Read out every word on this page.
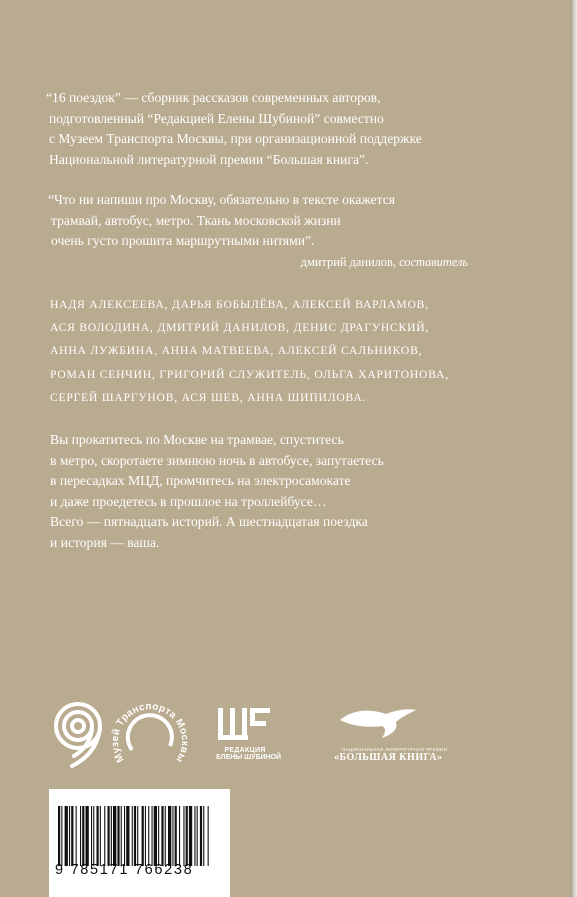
“16 поездок” — сборник рассказов современных авторов,
подготовленный “Редакцией Елены Шубиной” совместно
с Музеем Транспорта Москвы, при организационной поддержке
Национальной литературной премии “Большая книга”.
“Что ни напиши про Москву, обязательно в тексте окажется
трамвай, автобус, метро. Ткань московской жизни
очень густо прошита маршрутными нитями”.
дмитрий данилов, составитель
НАДЯ АЛЕКСЕЕВА, ДАРЬЯ БОБЫЛЁВА, АЛЕКСЕЙ ВАРЛАМОВ,
АСЯ ВОЛОДИНА, ДМИТРИЙ ДАНИЛОВ, ДЕНИС ДРАГУНСКИЙ,
АННА ЛУЖБИНА, АННА МАТВЕЕВА, АЛЕКСЕЙ САЛЬНИКОВ,
РОМАН СЕНЧИН, ГРИГОРИЙ СЛУЖИТЕЛЬ, ОЛЬГА ХАРИТОНОВА,
СЕРГЕЙ ШАРГУНОВ, АСЯ ШЕВ, АННА ШИПИЛОВА.
Вы прокатитесь по Москве на трамвае, спуститесь
в метро, скоротаете зимнюю ночь в автобусе, запутаетесь
в пересадках МЦД, промчитесь на электросамокате
и даже проедетесь в прошлое на троллейбусе…
Всего — пятнадцать историй. А шестнадцатая поездка
и история — ваша.
Музей Транспорта Москвы
РЕДАКЦИЯ
ЕЛЕНЫ ШУБИНОЙ
НАЦИОНАЛЬНАЯ ЛИТЕРАТУРНАЯ ПРЕМИЯ
«БОЛЬШАЯ КНИГА»
9 785171 766238
